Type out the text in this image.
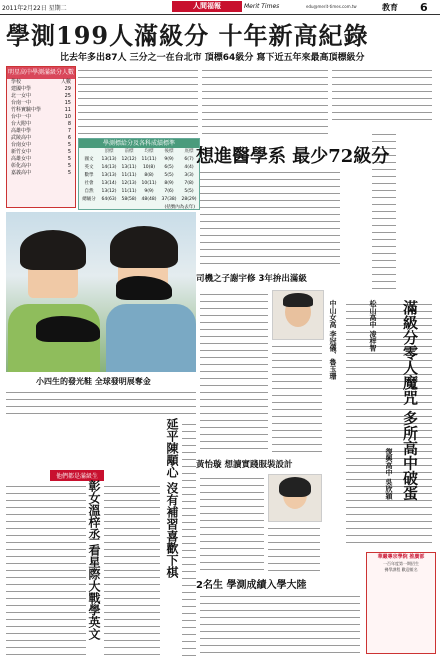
2011年2月22日 星期二	人間福報	Merit Times	edu@merit-times.com.tw	教育 6
學測199人滿級分 十年新高紀錄
比去年多出87人 三分之一在台北市 頂標64級分 寫下近五年來最高頂標級分
明星高中學測滿級分人數
學校	人數
建國中學	29
北一女中	25
台南一中	15
竹科實驗中學	11
台中一中	10
台大附中	8
高雄中學	7
武陵高中	6
台南女中	5
新竹女中	5
高雄女中	5
彰化高中	5
嘉義高中	5
學測標給分及各科成績標準
頂標	前標	均標	後標	底標
國文	13(13)	12(12)	11(11)	9(9)	6(7)
英文	14(13)	13(11)	10(8)	6(5)	4(4)
數學	13(13)	11(11)	8(8)	5(5)	3(3)
社會	13(14)	12(13)	10(11)	8(9)	7(8)
自然	13(12)	11(11)	9(9)	7(6)	5(5)
總級分	64(63)	58(58)	48(48)	37(38)	28(29)
(括號內為去年)
小四生的發光鞋 全球發明展奪金
他們都是滿級生
彰女溫梓丞 看星際大戰學英文	延平陳顒心 沒有補習喜歡下棋
想進醫學系 最少72級分
司機之子謝宇修 3年拚出滿級
黃怡璇 想讀實踐服裝設計
2名生 學測成績入學大陸
滿級分零人魔咒 多所高中破蛋
中山女高 李冠儀、魯玉珊	松山高中 凌梓智
復興高中 吳欣穎
華嚴專宗學院 推廣部
一百年度第一期招生
佛學課程 歡迎報名
